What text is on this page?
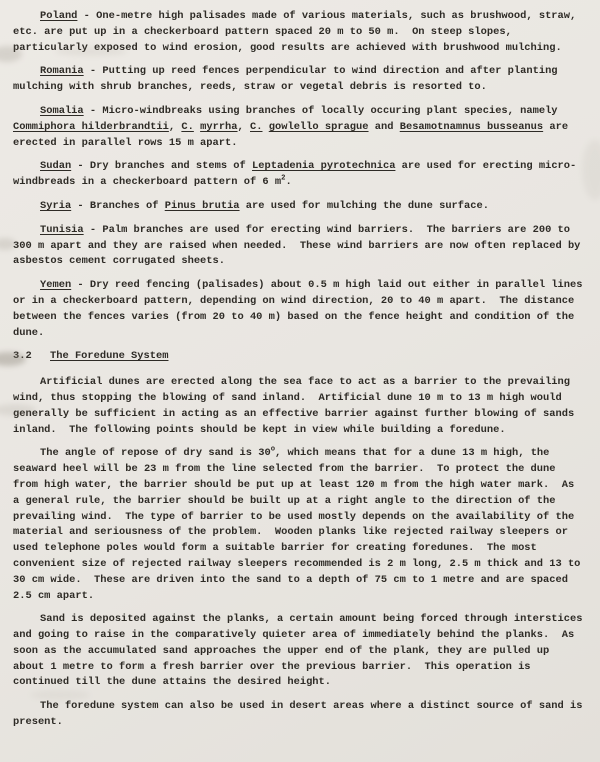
Poland - One-metre high palisades made of various materials, such as brushwood, straw, etc. are put up in a checkerboard pattern spaced 20 m to 50 m.  On steep slopes, particularly exposed to wind erosion, good results are achieved with brushwood mulching.

Romania - Putting up reed fences perpendicular to wind direction and after planting mulching with shrub branches, reeds, straw or vegetal debris is resorted to.

Somalia - Micro-windbreaks using branches of locally occuring plant species, namely Commiphora hilderbrandtii, C. myrrha, C. gowlello sprague and Besamotnamnus busseanus are erected in parallel rows 15 m apart.

Sudan - Dry branches and stems of Leptadenia pyrotechnica are used for erecting micro-windbreads in a checkerboard pattern of 6 $m^2$.

Syria - Branches of Pinus brutia are used for mulching the dune surface.

Tunisia - Palm branches are used for erecting wind barriers.  The barriers are 200 to 300 m apart and they are raised when needed.  These wind barriers are now often replaced by asbestos cement corrugated sheets.

Yemen - Dry reed fencing (palisades) about 0.5 m high laid out either in parallel lines or in a checkerboard pattern, depending on wind direction, 20 to 40 m apart.  The distance between the fences varies (from 20 to 40 m) based on the fence height and condition of the dune.

3.2 The Foredune System

Artificial dunes are erected along the sea face to act as a barrier to the prevailing wind, thus stopping the blowing of sand inland.  Artificial dune 10 m to 13 m high would generally be sufficient in acting as an effective barrier against further blowing of sands inland.  The following points should be kept in view while building a foredune.

The angle of repose of dry sand is 30$^o$, which means that for a dune 13 m high, the seaward heel will be 23 m from the line selected from the barrier.  To protect the dune from high water, the barrier should be put up at least 120 m from the high water mark.  As a general rule, the barrier should be built up at a right angle to the direction of the prevailing wind.  The type of barrier to be used mostly depends on the availability of the material and seriousness of the problem.  Wooden planks like rejected railway sleepers or used telephone poles would form a suitable barrier for creating foredunes.  The most convenient size of rejected railway sleepers recommended is 2 m long, 2.5 m thick and 13 to 30 cm wide.  These are driven into the sand to a depth of 75 cm to 1 metre and are spaced 2.5 cm apart.

Sand is deposited against the planks, a certain amount being forced through interstices and going to raise in the comparatively quieter area of immediately behind the planks.  As soon as the accumulated sand approaches the upper end of the plank, they are pulled up about 1 metre to form a fresh barrier over the previous barrier.  This operation is continued till the dune attains the desired height.

The foredune system can also be used in desert areas where a distinct source of sand is present.
